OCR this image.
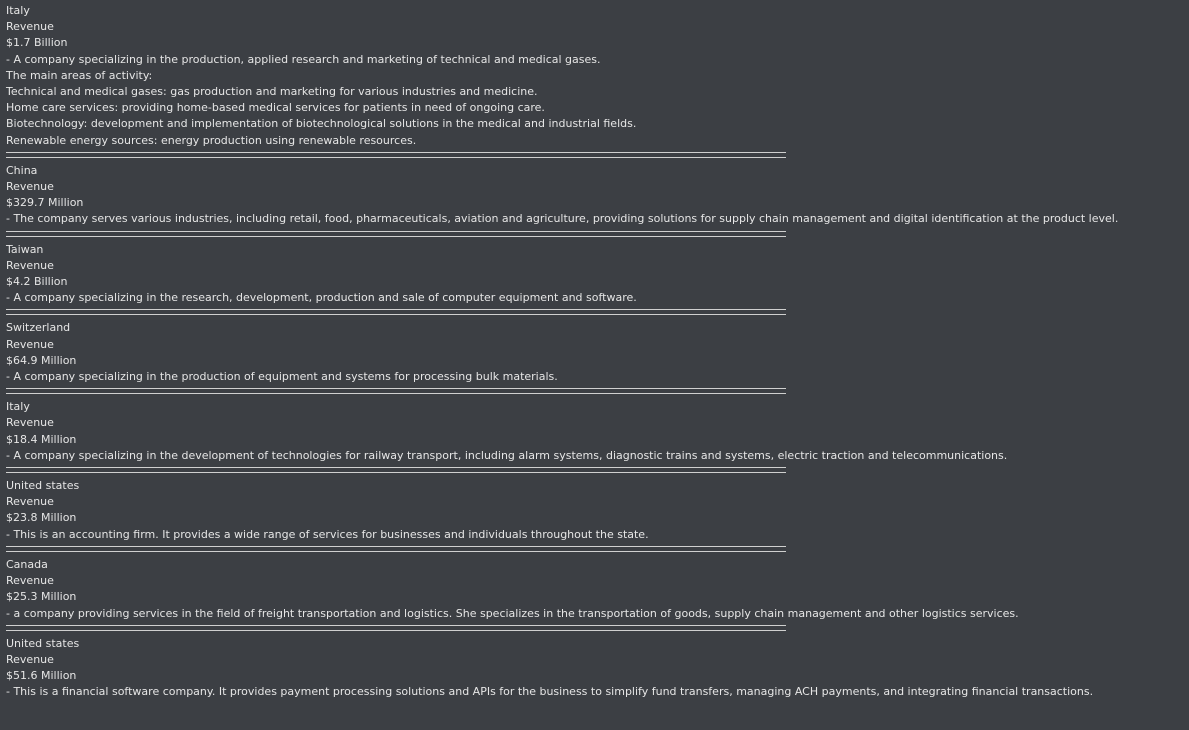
Italy
Revenue
$1.7 Billion
- A company specializing in the production, applied research and marketing of technical and medical gases.
The main areas of activity:
Technical and medical gases: gas production and marketing for various industries and medicine.
Home care services: providing home-based medical services for patients in need of ongoing care.
Biotechnology: development and implementation of biotechnological solutions in the medical and industrial fields.
Renewable energy sources: energy production using renewable resources.
China
Revenue
$329.7 Million
- The company serves various industries, including retail, food, pharmaceuticals, aviation and agriculture, providing solutions for supply chain management and digital identification at the product level.
Taiwan
Revenue
$4.2 Billion
- A company specializing in the research, development, production and sale of computer equipment and software.
Switzerland
Revenue
$64.9 Million
- A company specializing in the production of equipment and systems for processing bulk materials.
Italy
Revenue
$18.4 Million
- A company specializing in the development of technologies for railway transport, including alarm systems, diagnostic trains and systems, electric traction and telecommunications.
United states
Revenue
$23.8 Million
- This is an accounting firm. It provides a wide range of services for businesses and individuals throughout the state.
Canada
Revenue
$25.3 Million
- a company providing services in the field of freight transportation and logistics. She specializes in the transportation of goods, supply chain management and other logistics services.
United states
Revenue
$51.6 Million
- This is a financial software company. It provides payment processing solutions and APIs for the business to simplify fund transfers, managing ACH payments, and integrating financial transactions.
